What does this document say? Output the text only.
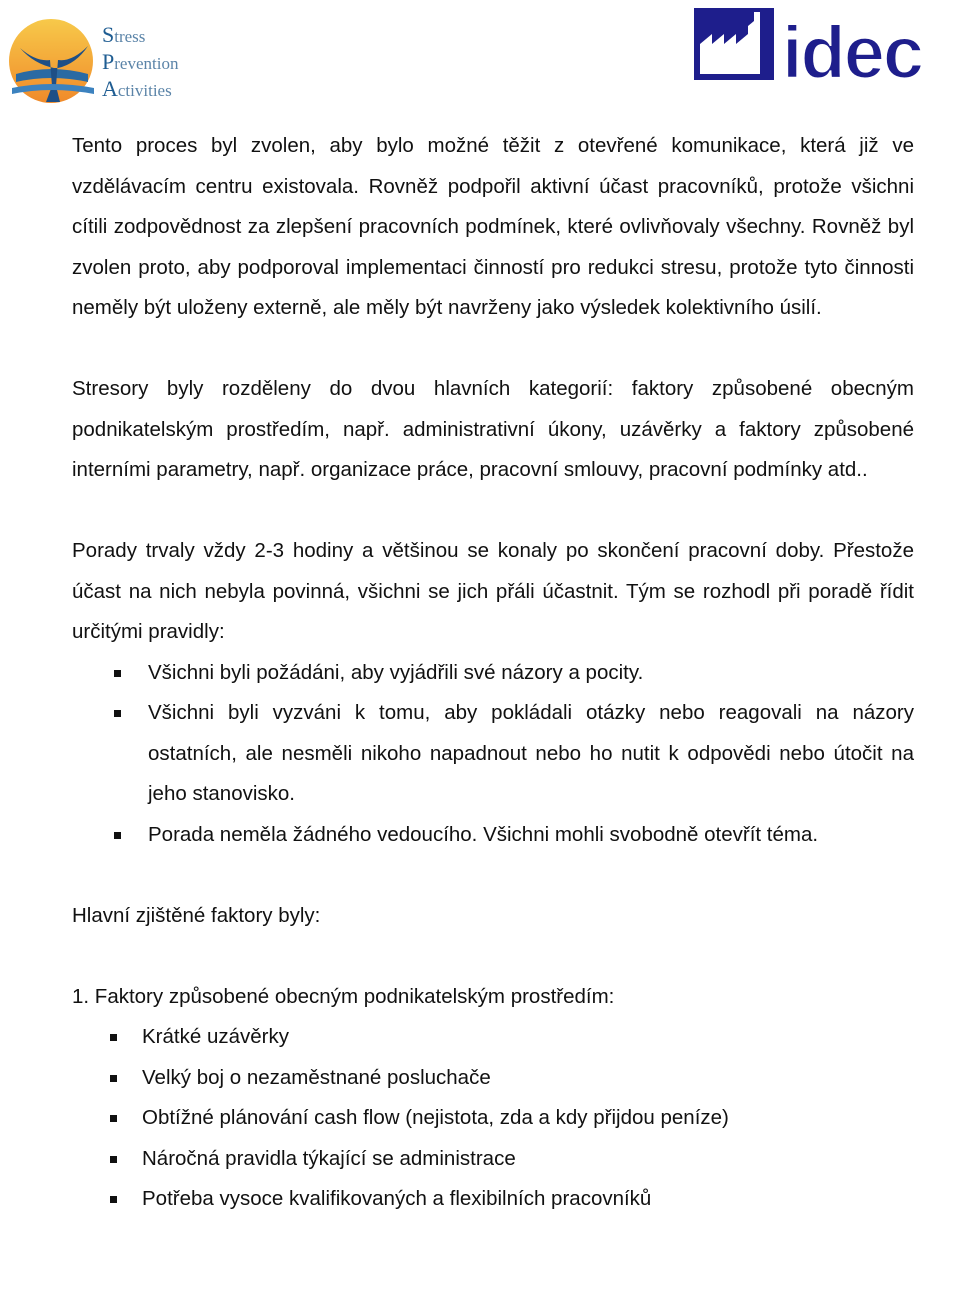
Stress
Prevention
Activities	idec

Tento proces byl zvolen, aby bylo možné těžit z otevřené komunikace, která již ve vzdělávacím centru existovala. Rovněž podpořil aktivní účast pracovníků, protože všichni cítili zodpovědnost za zlepšení pracovních podmínek, které ovlivňovaly všechny. Rovněž byl zvolen proto, aby podporoval implementaci činností pro redukci stresu, protože tyto činnosti neměly být uloženy externě, ale měly být navrženy jako výsledek kolektivního úsilí.

Stresory byly rozděleny do dvou hlavních kategorií: faktory způsobené obecným podnikatelským prostředím, např. administrativní úkony, uzávěrky a faktory způsobené interními parametry, např. organizace práce, pracovní smlouvy, pracovní podmínky atd..

Porady trvaly vždy 2-3 hodiny a většinou se konaly po skončení pracovní doby. Přestože účast na nich nebyla povinná, všichni se jich přáli účastnit. Tým se rozhodl při poradě řídit určitými pravidly:

Všichni byli požádáni, aby vyjádřili své názory a pocity.
Všichni byli vyzváni k tomu, aby pokládali otázky nebo reagovali na názory ostatních, ale nesměli nikoho napadnout nebo ho nutit k odpovědi nebo útočit na jeho stanovisko.
Porada neměla žádného vedoucího. Všichni mohli svobodně otevřít téma.

Hlavní zjištěné faktory byly:

1. Faktory způsobené obecným podnikatelským prostředím:

Krátké uzávěrky
Velký boj o nezaměstnané posluchače
Obtížné plánování cash flow (nejistota, zda a kdy přijdou peníze)
Náročná pravidla týkající se administrace
Potřeba vysoce kvalifikovaných a flexibilních pracovníků
